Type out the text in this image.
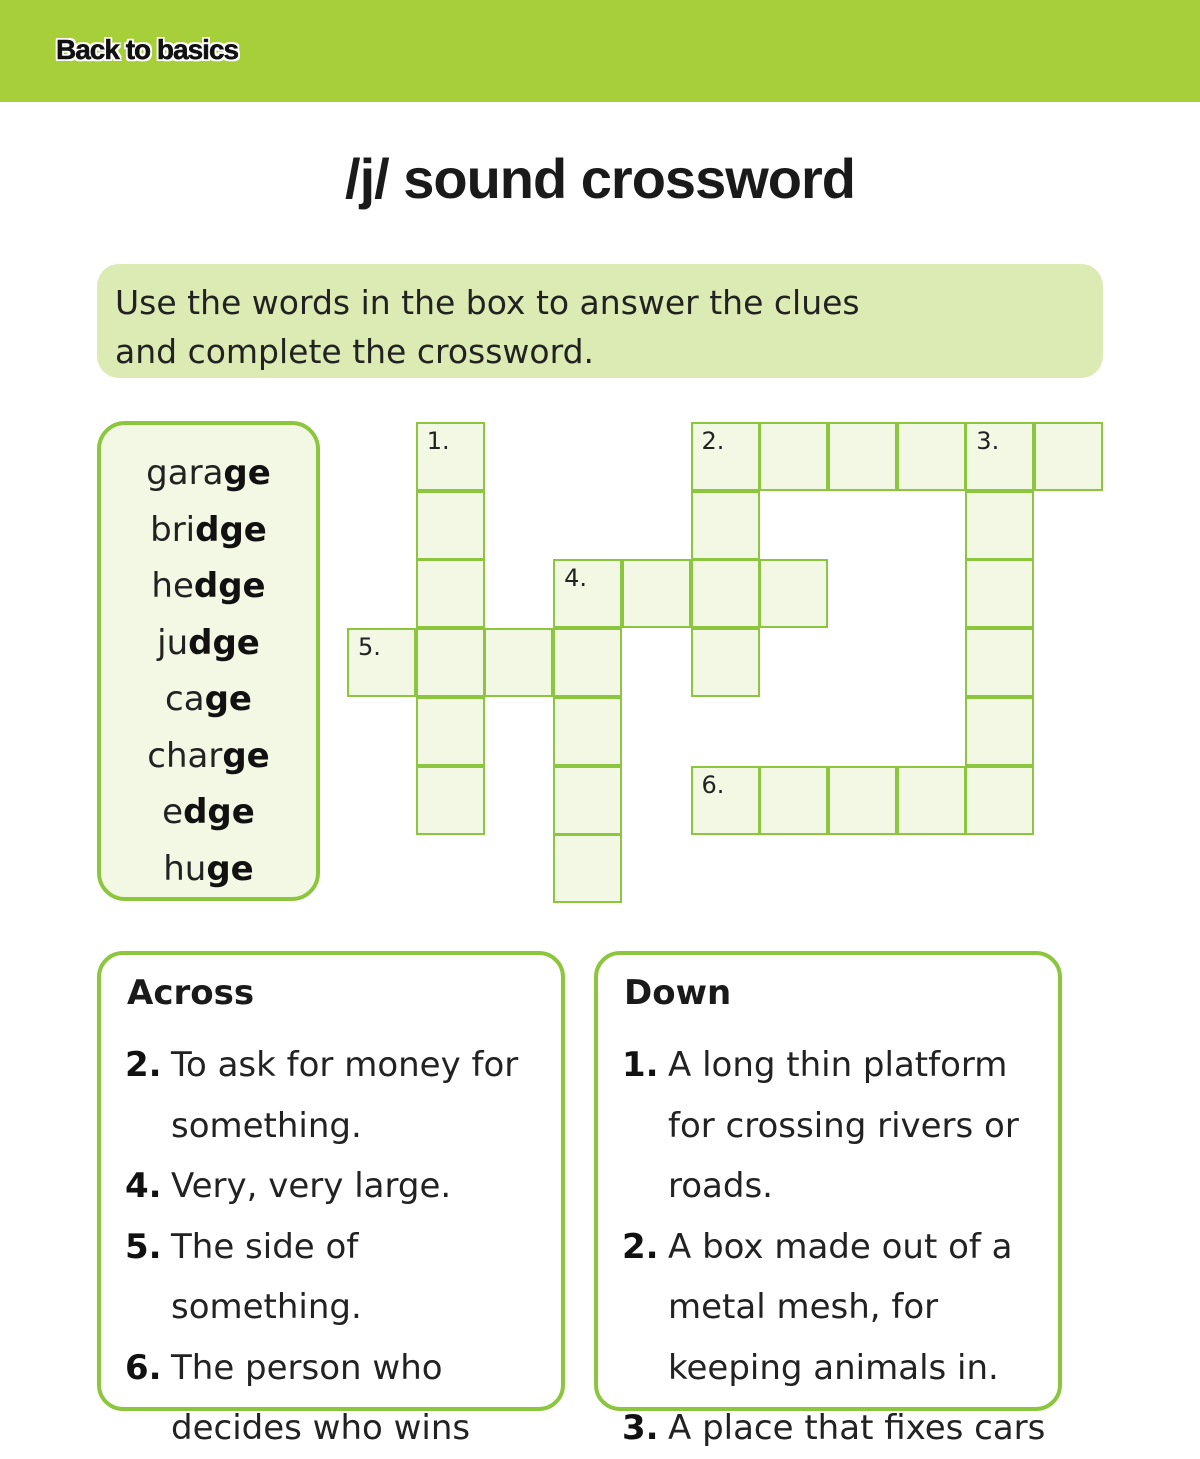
Back to basics
/j/ sound crossword
Use the words in the box to answer the clues
and complete the crossword.
garage
bridge
hedge
judge
cage
charge
edge
huge
1.	2.	3.
4.
5.
6.
Across
2. To ask for money for something.
4. Very, very large.
5. The side of something.
6. The person who decides who wins
Down
1. A long thin platform for crossing rivers or roads.
2. A box made out of a metal mesh, for keeping animals in.
3. A place that fixes cars
